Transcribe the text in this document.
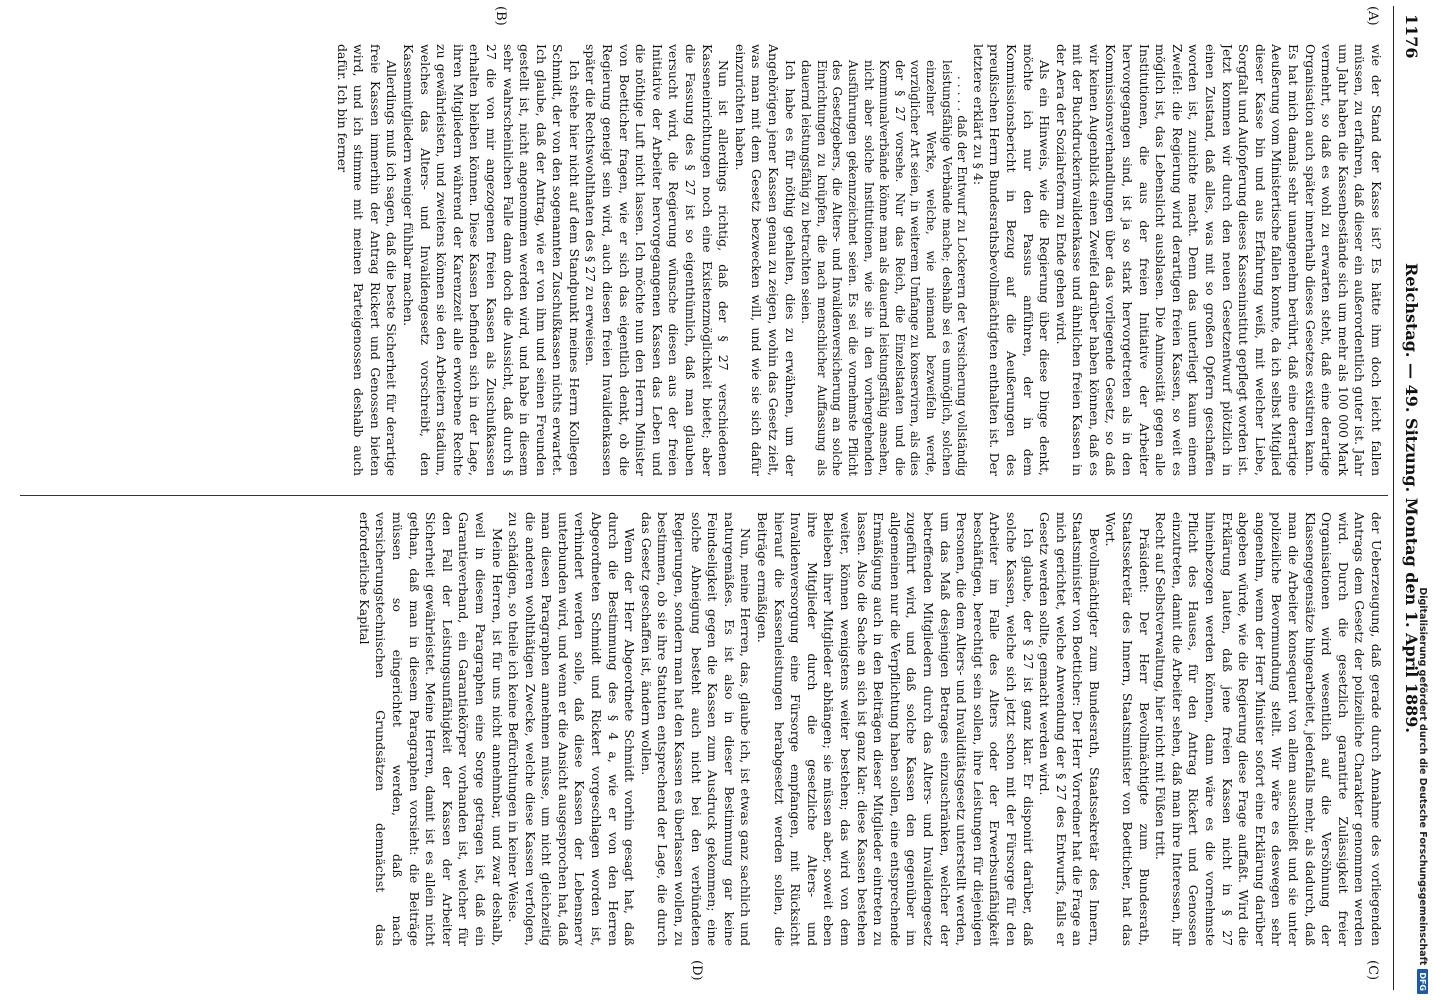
1176
Reichstag. — 49. Sitzung. Montag den 1. April 1889.
(A)
(B)
(C)
(D)

wie der Stand der Kasse ist? Es hätte ihm doch leicht fallen müssen, zu erfahren, daß dieser ein außerordentlich guter ist. Jahr um Jahr haben die Kassenbestände sich um mehr als 100 000 Mark vermehrt, so daß es wohl zu erwarten steht, daß eine derartige Organisation auch später innerhalb dieses Gesetzes existiren kann. Es hat mich damals sehr unangenehm berührt, daß eine derartige Aeußerung vom Ministertische fallen konnte, da ich selbst Mitglied dieser Kasse bin und aus Erfahrung weiß, mit welcher Liebe, Sorgfalt und Aufopferung dieses Kasseninstitut gepflegt worden ist. Jetzt kommen wir durch den neuen Gesetzentwurf plötzlich in einen Zustand, daß alles, was mit so großen Opfern geschaffen worden ist, zunichte macht. Denn das unterliegt kaum einem Zweifel: die Regierung wird derartigen freien Kassen, so weit es möglich ist, das Lebenslicht ausblasen. Die Animosität gegen alle Institutionen, die aus der freien Initiative der Arbeiter hervorgegangen sind, ist ja so stark hervorgetreten als in den Kommissionsverhandlungen über das vorliegende Gesetz, so daß wir keinen Augenblick einen Zweifel darüber haben können, daß es mit der Buchdruckerinvalidenkasse und ähnlichen freien Kassen in der Aera der Sozialreform zu Ende gehen wird.

Als ein Hinweis, wie die Regierung über diese Dinge denkt, möchte ich nur den Passus anführen, der in dem Kommissionsbericht in Bezug auf die Aeußerungen des preußischen Herrn Bundesrathsbevollmächtigten enthalten ist. Der letztere erklärt zu § 4:

. . . . . daß der Entwurf zu Lockerern der Versicherung vollständig leistungsfähige Verbände mache; deshalb sei es unmöglich, solchen einzelner Werke, welche, wie niemand bezweifeln werde, vorzüglicher Art seien, in weiterem Umfange zu konserviren, als dies der § 27 vorsehe. Nur das Reich, die Einzelstaaten und die Kommunalverbände könne man als dauernd leistungsfähig ansehen, nicht aber solche Institutionen, wie sie in den vorhergehenden Ausführungen gekennzeichnet seien. Es sei die vornehmste Pflicht des Gesetzgebers, die Alters- und Invalidenversicherung an solche Einrichtungen zu knüpfen, die nach menschlicher Auffassung als dauernd leistungsfähig zu betrachten seien.

Ich habe es für nöthig gehalten, dies zu erwähnen, um der Angehörigen jener Kassen genau zu zeigen, wohin das Gesetz zielt, was man mit dem Gesetz bezwecken will, und wie sie sich dafür einzurichten haben.

Nun ist allerdings richtig, daß der § 27 verschiedenen Kasseneinrichtungen noch eine Existenzmöglichkeit bietet; aber die Fassung des § 27 ist so eigenthümlich, daß man glauben versucht wird, die Regierung wünsche diesen aus der freien Initiative der Arbeiter hervorgegangenen Kassen das Leben und die nöthige Luft nicht lassen. Ich möchte nun den Herrn Minister von Boetticher fragen, wie er sich das eigentlich denkt, ob die Regierung geneigt sein wird, auch diesen freien Invalidenkassen später die Rechtswohlthaten des § 27 zu erweisen.

Ich stehe hier nicht auf dem Standpunkt meines Herrn Kollegen Schmidt, der von den sogenannten Zuschußkassen nichts erwartet. Ich glaube, daß der Antrag, wie er von ihm und seinen Freunden gestellt ist, nicht angenommen werden wird, und habe in diesem sehr wahrscheinlichen Falle dann doch die Aussicht, daß durch § 27 die von mir angezogenen freien Kassen als Zuschußkassen erhalten bleiben können. Diese Kassen befinden sich in der Lage, ihren Mitgliedern während der Karenzzeit alle erworbene Rechte zu gewährleisten, und zweitens können sie den Arbeitern stadium, welches das Alters- und Invalidengesetz vorschreibt, den Kassenmitgliedern weniger fühlbar machen.

Allerdings muß ich sagen, daß die beste Sicherheit für derartige freie Kassen immerhin der Antrag Rickert und Genossen bieten wird, und ich stimme mit meinen Parteigenossen deshalb auch dafür. Ich bin ferner

der Ueberzeugung, daß gerade durch Annahme des vorliegenden Antrags dem Gesetz der polizeiliche Charakter genommen werden wird. Durch die gesetzlich garantirte Zulässigkeit freier Organisationen wird wesentlich auf die Versöhnung der Klassengegensätze hingearbeitet, jedenfalls mehr, als dadurch, daß man die Arbeiter konsequent von allem ausschließt und sie unter polizeiliche Bevormundung stellt. Wir wäre es deswegen sehr angenehm, wenn der Herr Minister sofort eine Erklärung darüber abgeben würde, wie die Regierung diese Frage auffaßt. Wird die Erklärung lauten, daß jene freien Kassen nicht in § 27 hineinbezogen werden können, dann wäre es die vornehmste Pflicht des Hauses, für den Antrag Rickert und Genossen einzutreten, damit die Arbeiter sehen, daß man ihre Interessen, ihr Recht auf Selbstverwaltung, hier nicht mit Füßen tritt.

Präsident: Der Herr Bevollmächtigte zum Bundesrath, Staatssekretär des Innern, Staatsminister von Boetticher, hat das Wort.

Bevollmächtigter zum Bundesrath, Staatssekretär des Innern, Staatsminister von Boetticher: Der Herr Vorredner hat die Frage an mich gerichtet, welche Anwendung der § 27 des Entwurfs, falls er Gesetz werden sollte, gemacht werden wird.

Ich glaube, der § 27 ist ganz klar. Er disponirt darüber, daß solche Kassen, welche sich jetzt schon mit der Fürsorge für den Arbeiter im Falle des Alters oder der Erwerbsunfähigkeit beschäftigen, berechtigt sein sollen, ihre Leistungen für diejenigen Personen, die dem Alters- und Invaliditätsgesetz unterstellt werden, um das Maß desjenigen Betrages einzuschränken, welcher der betreffenden Mitgliedern durch das Alters- und Invalidengesetz zugeführt wird, und daß solche Kassen den gegenüber im allgemeinen nur die Verpflichtung haben sollen, eine entsprechende Ermäßigung auch in den Beiträgen dieser Mitglieder eintreten zu lassen. Also die Sache an sich ist ganz klar: diese Kassen bestehen weiter, können wenigstens weiter bestehen; das wird von dem Belieben ihrer Mitglieder abhängen; sie müssen aber, soweit eben ihre Mitglieder durch die gesetzliche Alters- und Invalidenversorgung eine Fürsorge empfangen, mit Rücksicht hierauf die Kassenleistungen herabgesetzt werden sollen, die Beiträge ermäßigen.

Nun, meine Herren, das, glaube ich, ist etwas ganz sachlich und naturgemäßes. Es ist also in dieser Bestimmung gar keine Feindseligkeit gegen die Kassen zum Ausdruck gekommen; eine solche Abneigung besteht auch nicht bei den verbündeten Regierungen, sondern man hat den Kassen es überlassen wollen, zu bestimmen, ob sie ihre Statuten entsprechend der Lage, die durch das Gesetz geschaffen ist, ändern wollen.

Wenn der Herr Abgeordnete Schmidt vorhin gesagt hat, daß durch die Bestimmung des § 4 a, wie er von den Herren Abgeordneten Schmidt und Rickert vorgeschlagen worden ist, verhindert werden solle, daß diese Kassen der Lebensnerv unterbunden wird, und wenn er die Ansicht ausgesprochen hat, daß man diesen Paragraphen annehmen müsse, um nicht gleichzeitig die anderen wohlthätigen Zwecke, welche diese Kassen verfolgen, zu schädigen, so theile ich keine Befürchtungen in keiner Weise.

Meine Herren, ist für uns nicht annehmbar, und zwar deshalb, weil in diesem Paragraphen eine Sorge getragen ist, daß ein Garantieverband, ein Garantiekörper vorhanden ist, welcher für den Fall der Leistungsunfähigkeit der Kassen der Arbeiter Sicherheit gewährleistet. Meine Herren, damit ist es allein nicht gethan, daß man in diesem Paragraphen vorsieht: die Beiträge müssen so eingerichtet werden, daß nach versicherungstechnischen Grundsätzen demnächst das erforderliche Kapital

Digitalisierung gefördert durch die Deutsche Forschungsgemeinschaft
DFG
